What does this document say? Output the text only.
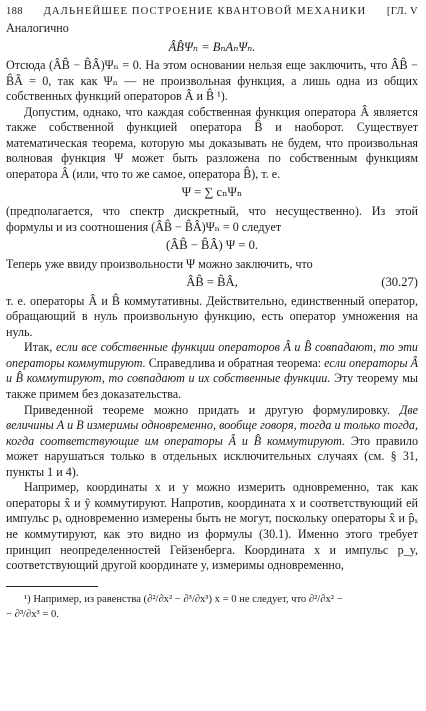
188 ДАЛЬНЕЙШЕЕ ПОСТРОЕНИЕ КВАНТОВОЙ МЕХАНИКИ [ГЛ. V

Аналогично

ÂB̂Ψₙ = BₙAₙΨₙ.

Отсюда (ÂB̂ − B̂Â)Ψₙ = 0. На этом основании нельзя еще заключить, что ÂB̂ − B̂Â = 0, так как Ψₙ — не произвольная функция, а лишь одна из общих собственных функций операторов Â и B̂ ¹).

Допустим, однако, что каждая собственная функция оператора Â является также собственной функцией оператора B̂ и наоборот. Существует математическая теорема, которую мы доказывать не будем, что произвольная волновая функция Ψ может быть разложена по собственным функциям оператора Â (или, что то же самое, оператора B̂), т. е.

Ψ = ∑ cₙΨₙ

(предполагается, что спектр дискретный, что несущественно). Из этой формулы и из соотношения (ÂB̂ − B̂Â)Ψₙ = 0 следует

(ÂB̂ − B̂Â) Ψ = 0.

Теперь уже ввиду произвольности Ψ можно заключить, что

ÂB̂ = B̂Â,	(30.27)

т. е. операторы Â и B̂ коммутативны. Действительно, единственный оператор, обращающий в нуль произвольную функцию, есть оператор умножения на нуль.

Итак, если все собственные функции операторов Â и B̂ совпадают, то эти операторы коммутируют. Справедлива и обратная теорема: если операторы Â и B̂ коммутируют, то совпадают и их собственные функции. Эту теорему мы также примем без доказательства.

Приведенной теореме можно придать и другую формулировку. Две величины A и B измеримы одновременно, вообще говоря, тогда и только тогда, когда соответствующие им операторы Â и B̂ коммутируют. Это правило может нарушаться только в отдельных исключительных случаях (см. § 31, пункты 1 и 4).

Например, координаты x и y можно измерить одновременно, так как операторы x̂ и ŷ коммутируют. Напротив, координата x и соответствующий ей импульс pₓ одновременно измерены быть не могут, поскольку операторы x̂ и p̂ₓ не коммутируют, как это видно из формулы (30.1). Именно этого требует принцип неопределенностей Гейзенберга. Координата x и импульс p_y, соответствующий другой координате y, измеримы одновременно,

¹) Например, из равенства (∂²/∂x² − ∂³/∂x³) x = 0 не следует, что ∂²/∂x² −
− ∂³/∂x³ = 0.
